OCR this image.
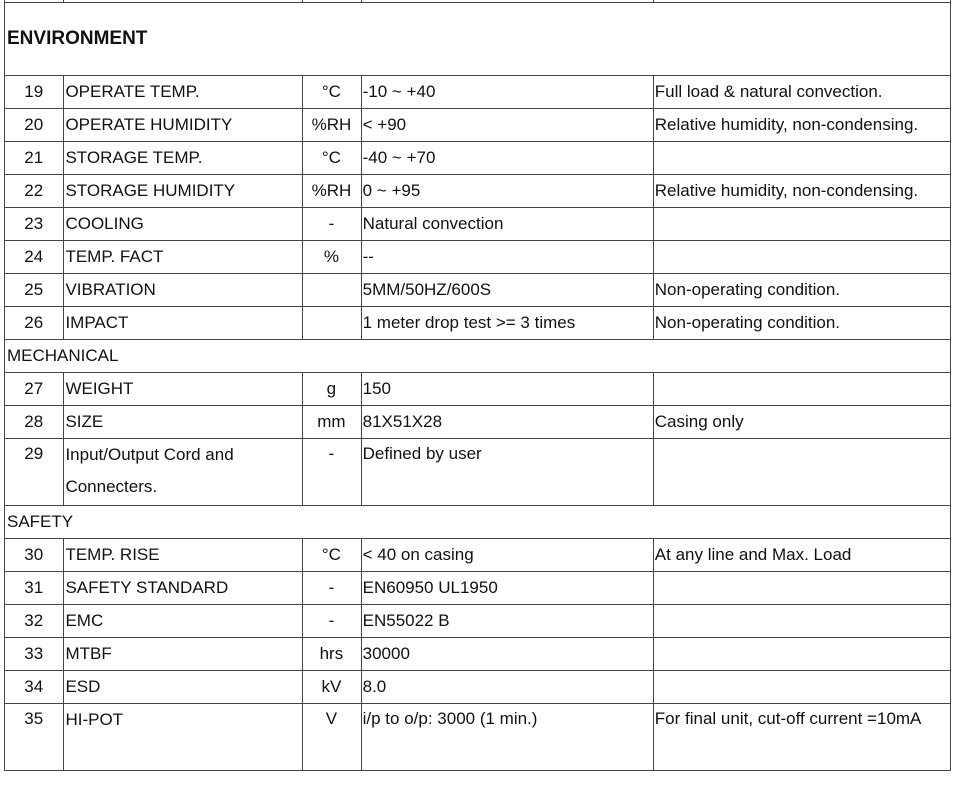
ENVIRONMENT				
19	OPERATE TEMP.	°C	-10 ~ +40	Full load & natural convection.
20	OPERATE HUMIDITY	%RH	< +90	Relative humidity, non-condensing.
21	STORAGE TEMP.	°C	-40 ~ +70	
22	STORAGE HUMIDITY	%RH	0 ~ +95	Relative humidity, non-condensing.
23	COOLING	-	Natural convection	
24	TEMP. FACT	%	--	
25	VIBRATION		5MM/50HZ/600S	Non-operating condition.
26	IMPACT		1 meter drop test >= 3 times	Non-operating condition.
MECHANICAL				
27	WEIGHT	g	150	
28	SIZE	mm	81X51X28	Casing only
29	Input/Output Cord and Connecters.	-	Defined by user	
SAFETY				
30	TEMP. RISE	°C	< 40 on casing	At any line and Max. Load
31	SAFETY STANDARD	-	EN60950 UL1950	
32	EMC	-	EN55022 B	
33	MTBF	hrs	30000	
34	ESD	kV	8.0	
35	HI-POT	V	i/p to o/p: 3000 (1 min.)	For final unit, cut-off current =10mA
